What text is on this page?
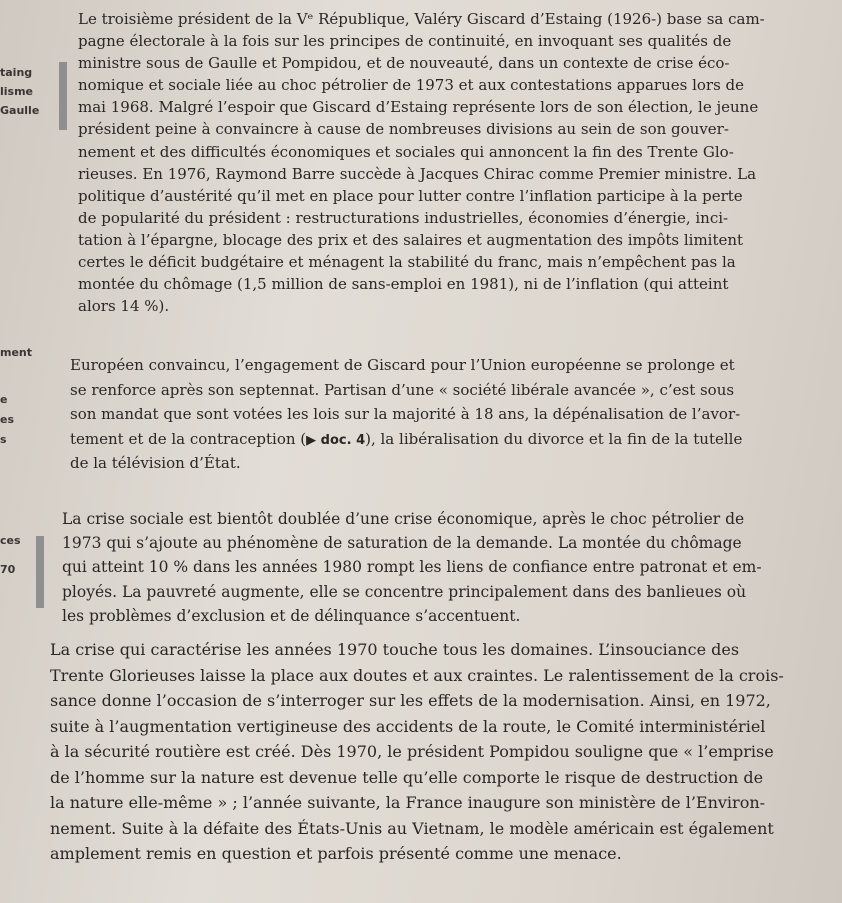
taing
lisme
Gaulle
ment
e
es
s
ces
70
Le troisième président de la Vᵉ République, Valéry Giscard d’Estaing (1926-) base sa cam-
pagne électorale à la fois sur les principes de continuité, en invoquant ses qualités de
ministre sous de Gaulle et Pompidou, et de nouveauté, dans un contexte de crise éco-
nomique et sociale liée au choc pétrolier de 1973 et aux contestations apparues lors de
mai 1968. Malgré l’espoir que Giscard d’Estaing représente lors de son élection, le jeune
président peine à convaincre à cause de nombreuses divisions au sein de son gouver-
nement et des difficultés économiques et sociales qui annoncent la fin des Trente Glo-
rieuses. En 1976, Raymond Barre succède à Jacques Chirac comme Premier ministre. La
politique d’austérité qu’il met en place pour lutter contre l’inflation participe à la perte
de popularité du président : restructurations industrielles, économies d’énergie, inci-
tation à l’épargne, blocage des prix et des salaires et augmentation des impôts limitent
certes le déficit budgétaire et ménagent la stabilité du franc, mais n’empêchent pas la
montée du chômage (1,5 million de sans-emploi en 1981), ni de l’inflation (qui atteint
alors 14 %).
Européen convaincu, l’engagement de Giscard pour l’Union européenne se prolonge et
se renforce après son septennat. Partisan d’une « société libérale avancée », c’est sous
son mandat que sont votées les lois sur la majorité à 18 ans, la dépénalisation de l’avor-
tement et de la contraception (▶ doc. 4), la libéralisation du divorce et la fin de la tutelle
de la télévision d’État.
La crise sociale est bientôt doublée d’une crise économique, après le choc pétrolier de
1973 qui s’ajoute au phénomène de saturation de la demande. La montée du chômage
qui atteint 10 % dans les années 1980 rompt les liens de confiance entre patronat et em-
ployés. La pauvreté augmente, elle se concentre principalement dans des banlieues où
les problèmes d’exclusion et de délinquance s’accentuent.
La crise qui caractérise les années 1970 touche tous les domaines. L’insouciance des
Trente Glorieuses laisse la place aux doutes et aux craintes. Le ralentissement de la crois-
sance donne l’occasion de s’interroger sur les effets de la modernisation. Ainsi, en 1972,
suite à l’augmentation vertigineuse des accidents de la route, le Comité interministériel
à la sécurité routière est créé. Dès 1970, le président Pompidou souligne que « l’emprise
de l’homme sur la nature est devenue telle qu’elle comporte le risque de destruction de
la nature elle-même » ; l’année suivante, la France inaugure son ministère de l’Environ-
nement. Suite à la défaite des États-Unis au Vietnam, le modèle américain est également
amplement remis en question et parfois présenté comme une menace.
